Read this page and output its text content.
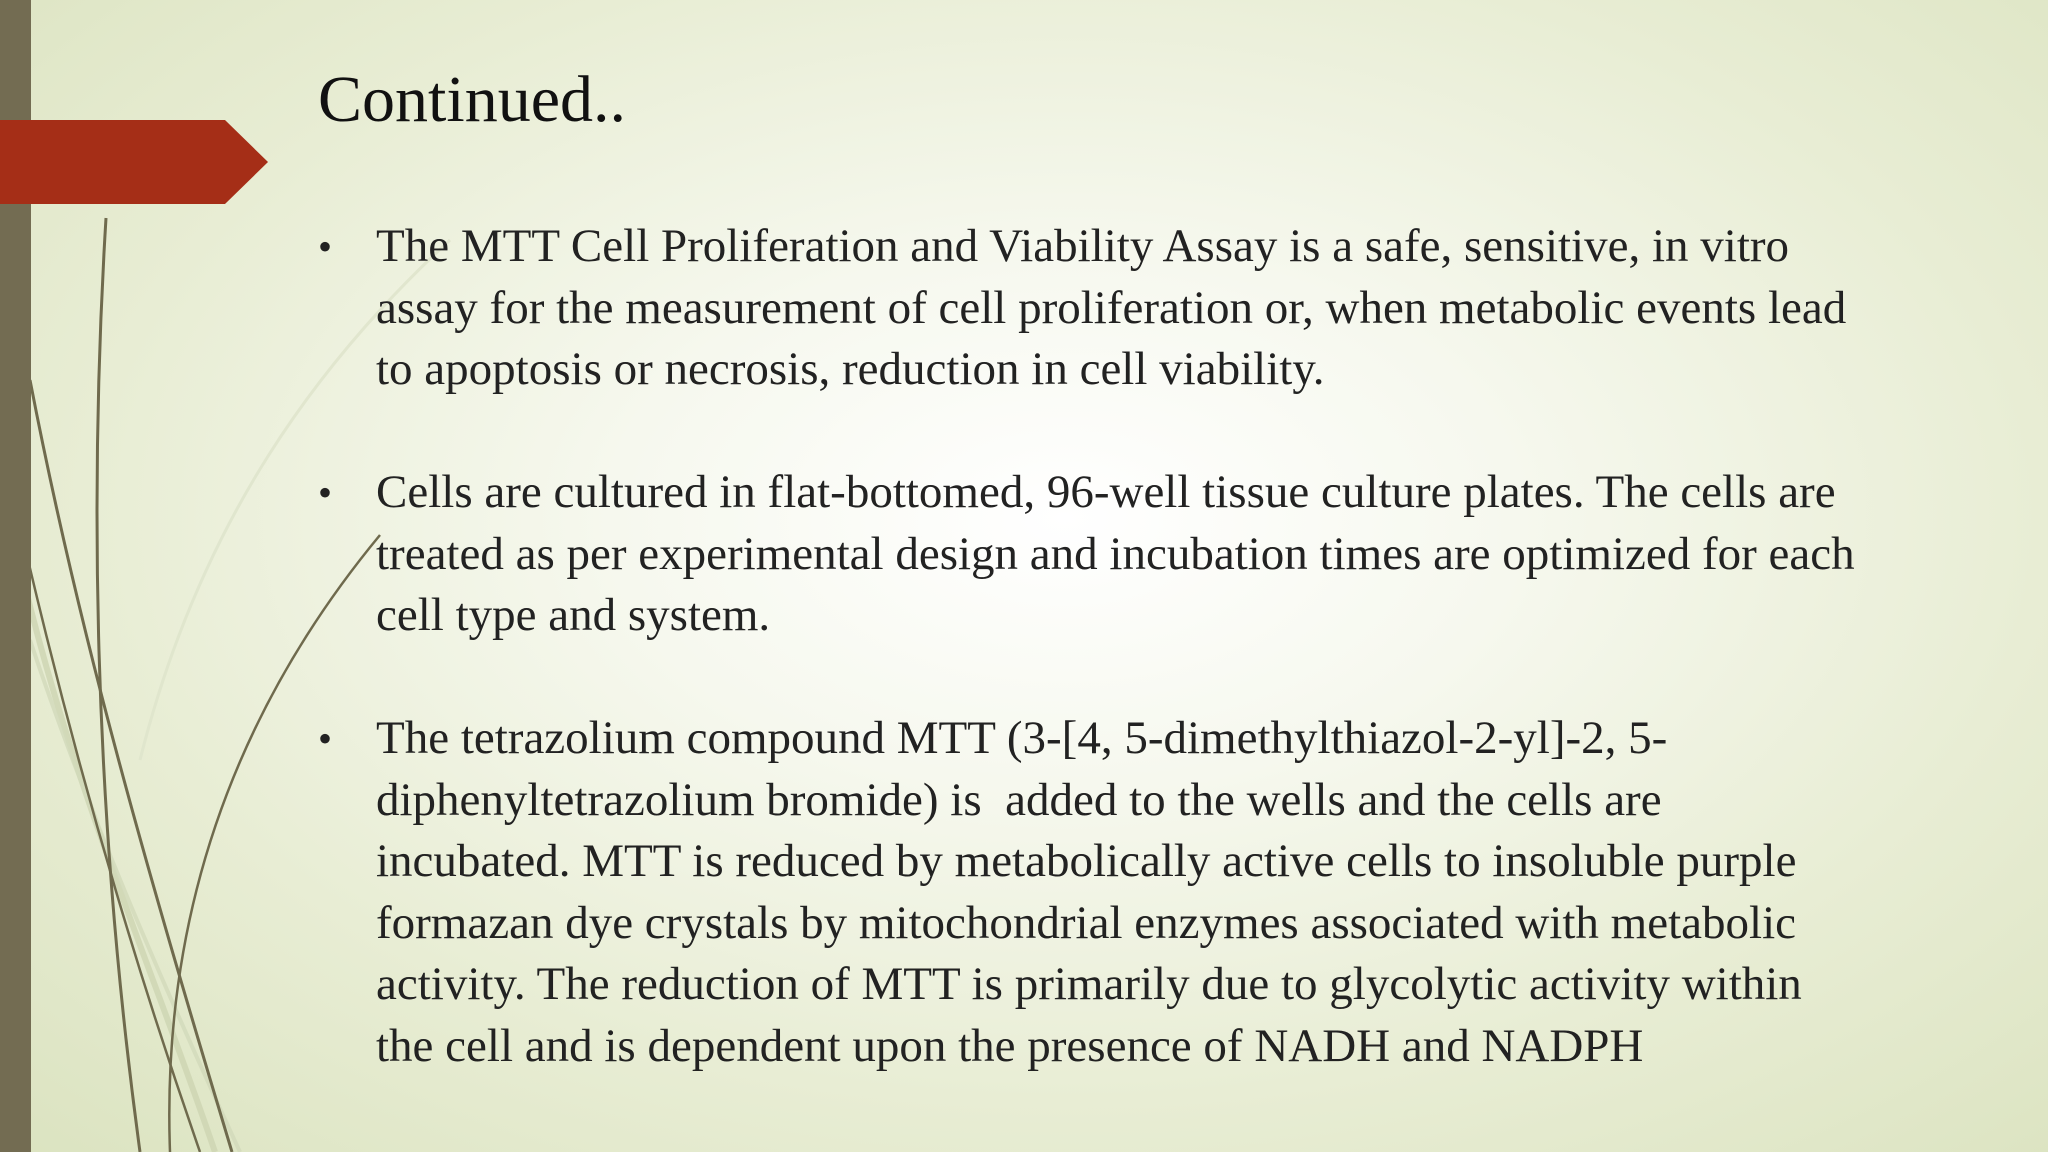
Continued..
• The MTT Cell Proliferation and Viability Assay is a safe, sensitive, in vitro
assay for the measurement of cell proliferation or, when metabolic events lead
to apoptosis or necrosis, reduction in cell viability.
• Cells are cultured in flat-bottomed, 96-well tissue culture plates. The cells are
treated as per experimental design and incubation times are optimized for each
cell type and system.
• The tetrazolium compound MTT (3-[4, 5-dimethylthiazol-2-yl]-2, 5-
diphenyltetrazolium bromide) is  added to the wells and the cells are
incubated. MTT is reduced by metabolically active cells to insoluble purple
formazan dye crystals by mitochondrial enzymes associated with metabolic
activity. The reduction of MTT is primarily due to glycolytic activity within
the cell and is dependent upon the presence of NADH and NADPH
